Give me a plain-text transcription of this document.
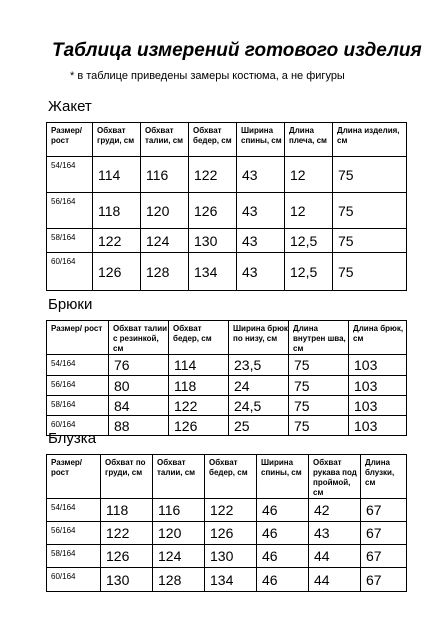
Таблица измерений готового изделия
* в таблице приведены замеры костюма, а не фигуры
Жакет
Размер/ рост	Обхват груди, см	Обхват талии, см	Обхват бедер, см	Ширина спины, см	Длина плеча, см	Длина изделия, см
54/164	114	116	122	43	12	75
56/164	118	120	126	43	12	75
58/164	122	124	130	43	12,5	75
60/164	126	128	134	43	12,5	75
Брюки
Размер/ рост	Обхват талии с резинкой, см	Обхват бедер, см	Ширина брюк по низу, см	Длина внутрен шва, см	Длина брюк, см
54/164	76	114	23,5	75	103
56/164	80	118	24	75	103
58/164	84	122	24,5	75	103
60/164	88	126	25	75	103
Блузка
Размер/ рост	Обхват по груди, см	Обхват талии, см	Обхват бедер, см	Ширина спины, см	Обхват рукава под проймой, см	Длина блузки, см
54/164	118	116	122	46	42	67
56/164	122	120	126	46	43	67
58/164	126	124	130	46	44	67
60/164	130	128	134	46	44	67
